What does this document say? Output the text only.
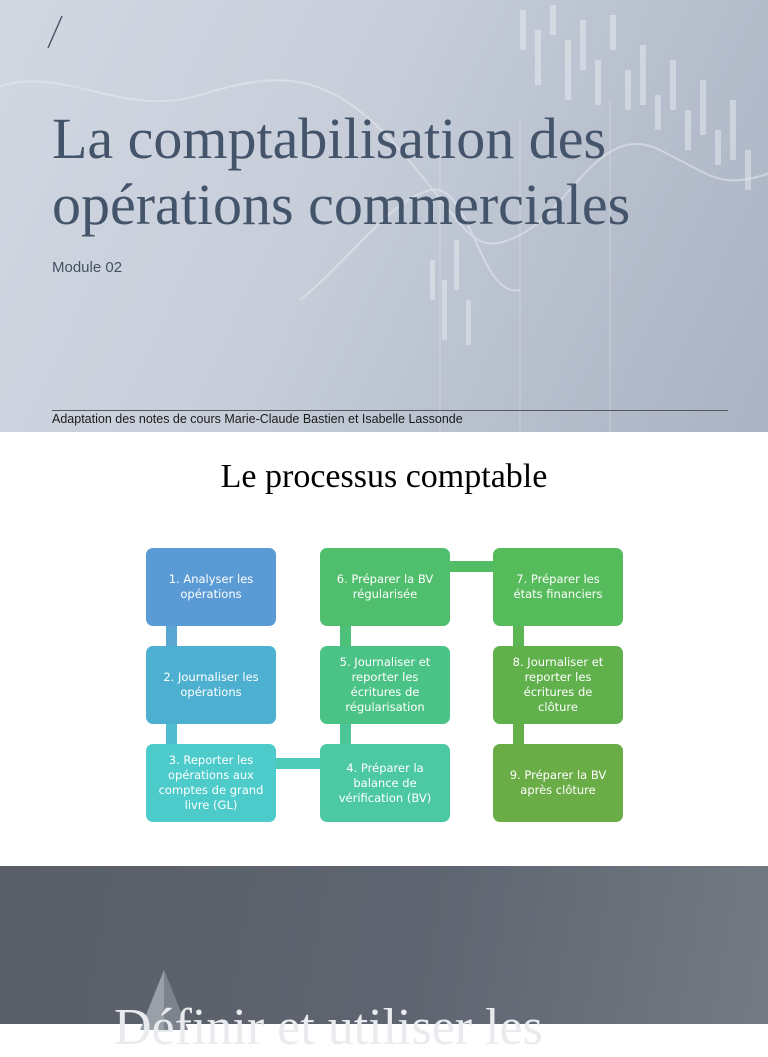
La comptabilisation des opérations commerciales
Module 02
Adaptation des notes de cours Marie-Claude Bastien et Isabelle Lassonde
Le processus comptable
1. Analyser les opérations
2. Journaliser les opérations
3. Reporter les opérations aux comptes de grand livre (GL)
4. Préparer la balance de vérification (BV)
5. Journaliser et reporter les écritures de régularisation
6. Préparer la BV régularisée
7. Préparer les états financiers
8. Journaliser et reporter les écritures de clôture
9. Préparer la BV après clôture
Définir et utiliser les
